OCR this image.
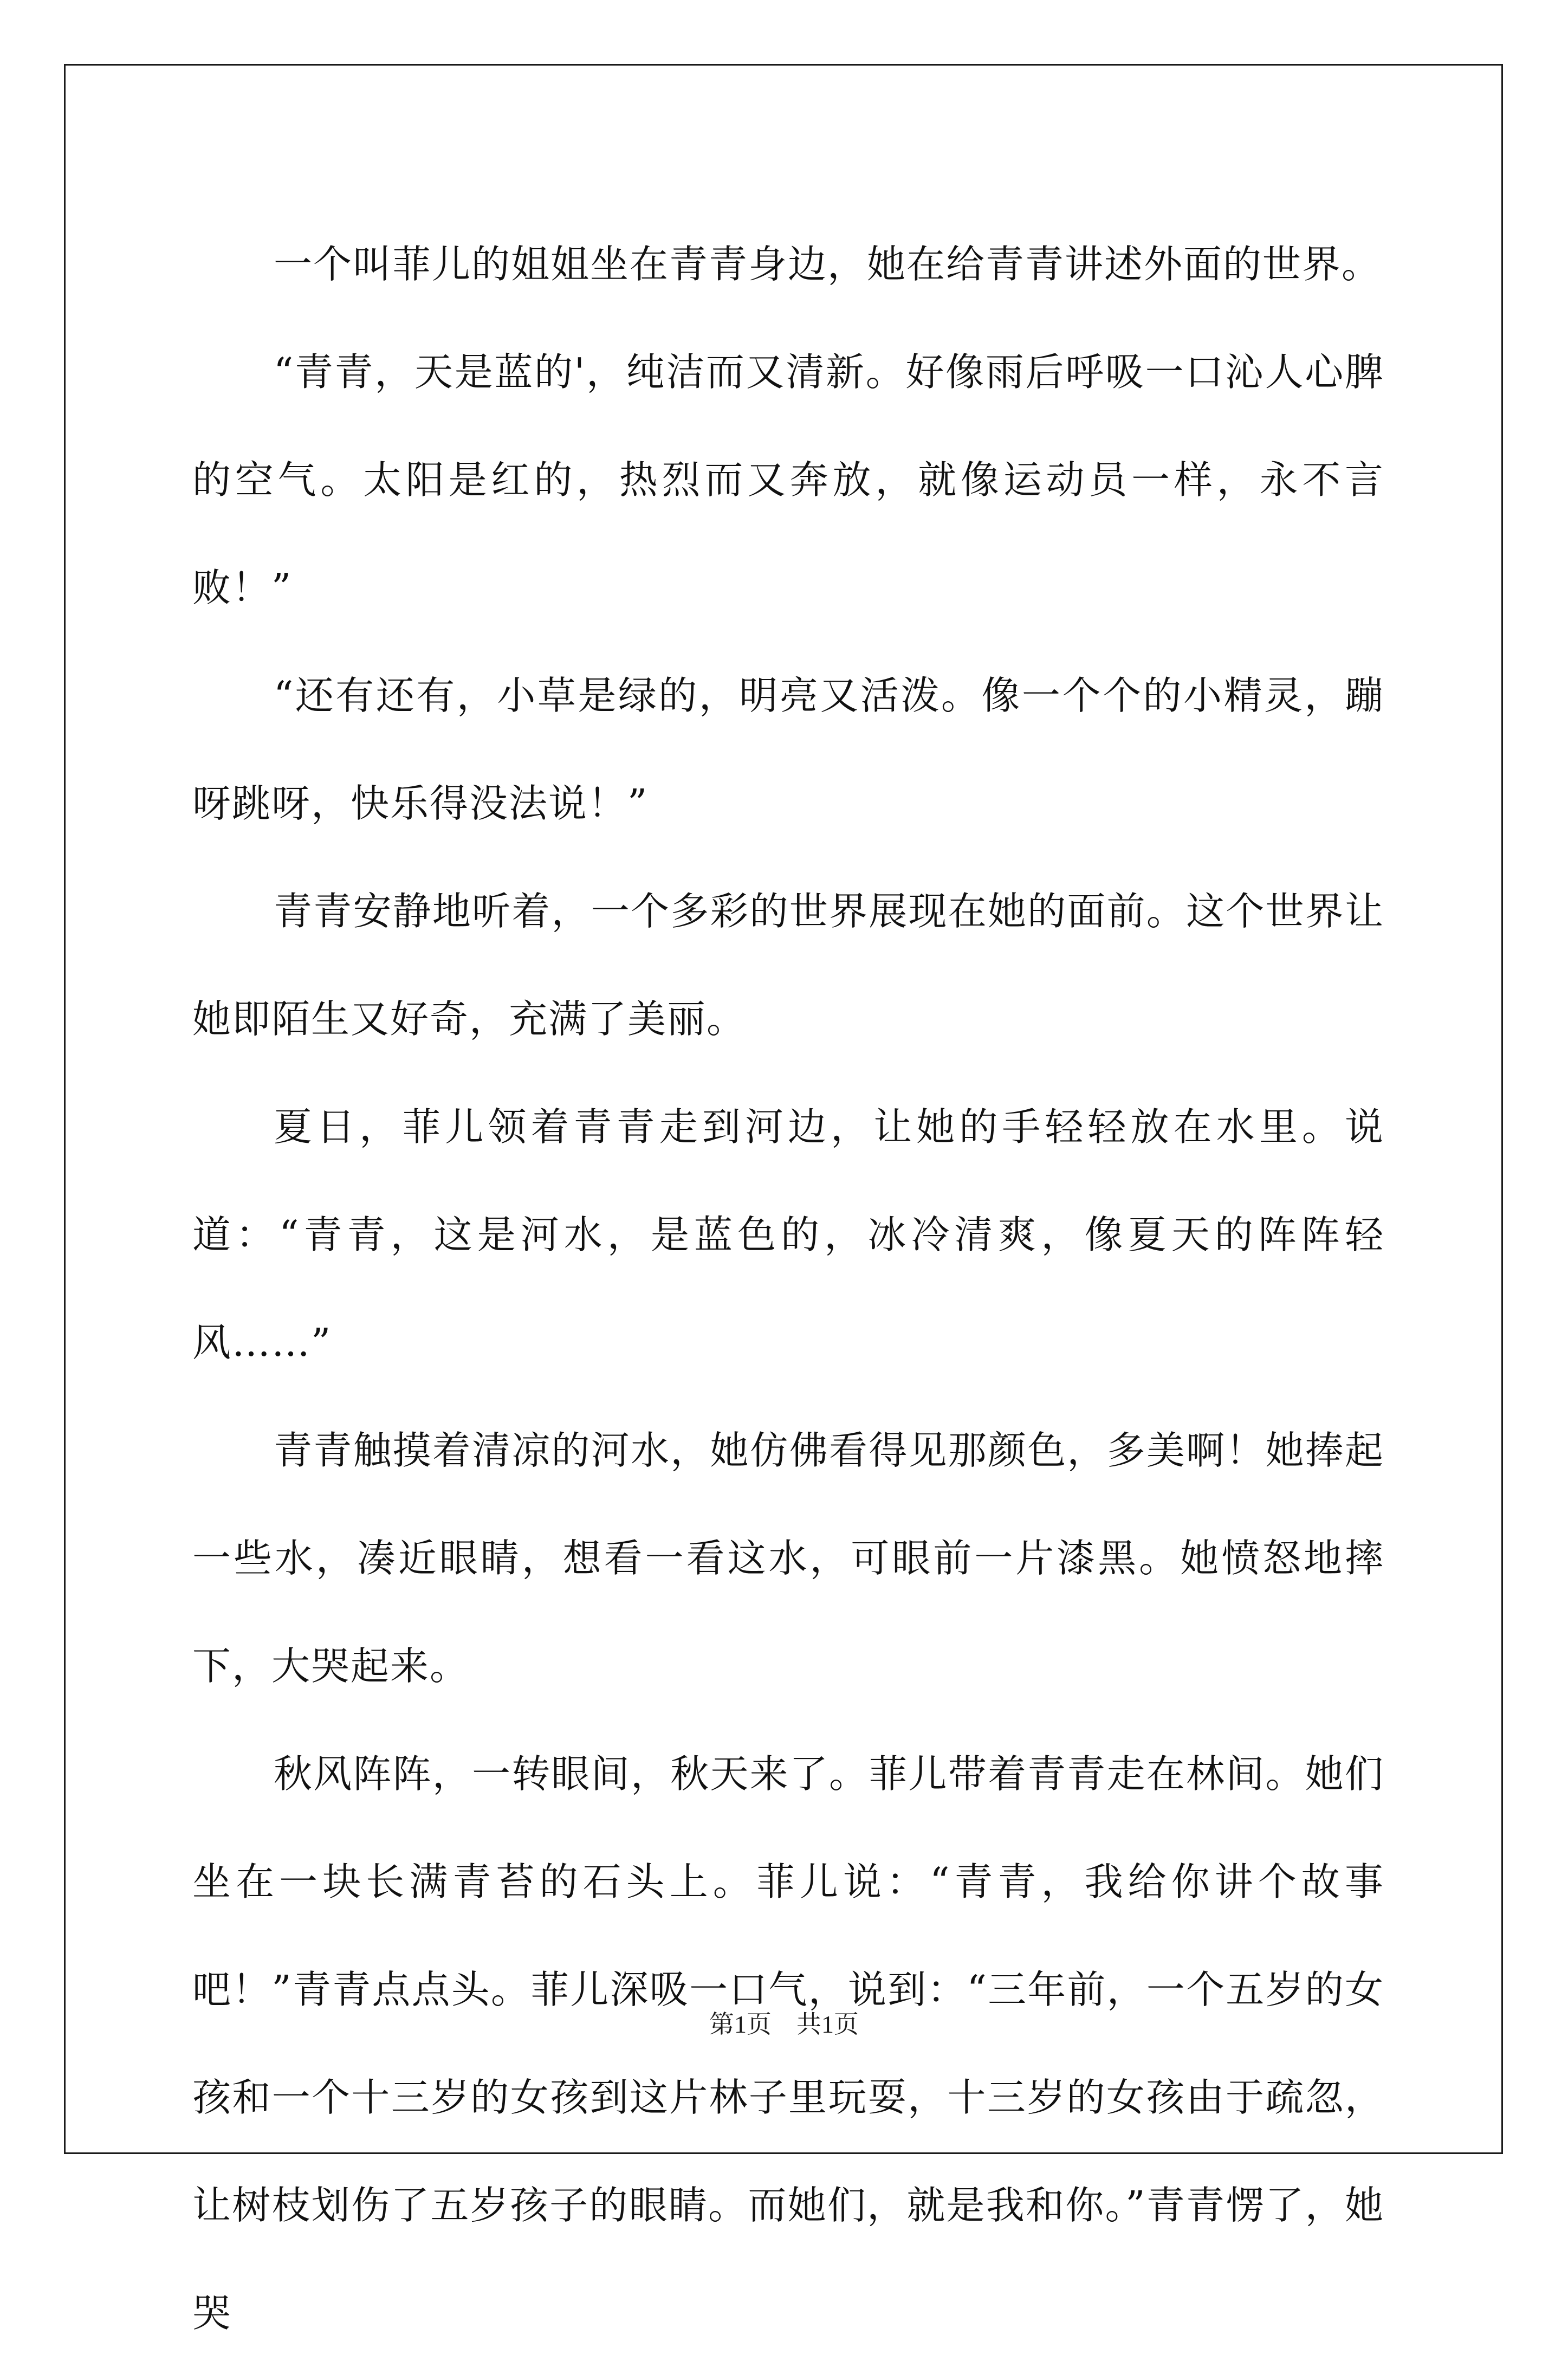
一个叫菲儿的姐姐坐在青青身边，她在给青青讲述外面的世界。

“青青，天是蓝的'，纯洁而又清新。好像雨后呼吸一口沁人心脾的空气。太阳是红的，热烈而又奔放，就像运动员一样，永不言败！”

“还有还有，小草是绿的，明亮又活泼。像一个个的小精灵，蹦呀跳呀，快乐得没法说！”

青青安静地听着，一个多彩的世界展现在她的面前。这个世界让她即陌生又好奇，充满了美丽。

夏日，菲儿领着青青走到河边，让她的手轻轻放在水里。说道：“青青，这是河水，是蓝色的，冰冷清爽，像夏天的阵阵轻风……”

青青触摸着清凉的河水，她仿佛看得见那颜色，多美啊！她捧起一些水，凑近眼睛，想看一看这水，可眼前一片漆黑。她愤怒地摔下，大哭起来。

秋风阵阵，一转眼间，秋天来了。菲儿带着青青走在林间。她们坐在一块长满青苔的石头上。菲儿说：“青青，我给你讲个故事吧！”青青点点头。菲儿深吸一口气，说到：“三年前，一个五岁的女孩和一个十三岁的女孩到这片林子里玩耍，十三岁的女孩由于疏忽，让树枝划伤了五岁孩子的眼睛。而她们，就是我和你。”青青愣了，她哭

第1页　共1页
